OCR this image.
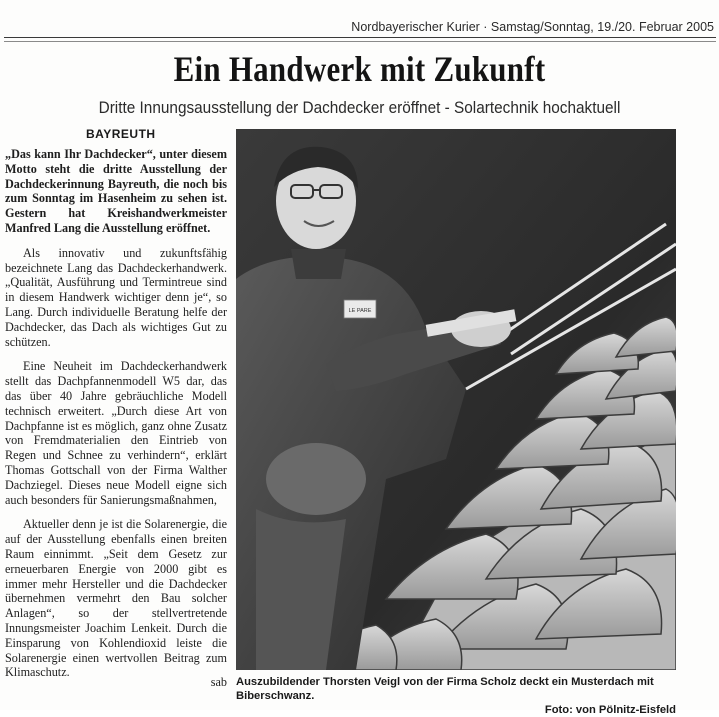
Nordbayerischer Kurier · Samstag/Sonntag, 19./20. Februar 2005
Ein Handwerk mit Zukunft
Dritte Innungsausstellung der Dachdecker eröffnet - Solartechnik hochaktuell
BAYREUTH

„Das kann Ihr Dachdecker“, unter diesem Motto steht die dritte Ausstellung der Dachdeckerinnung Bayreuth, die noch bis zum Sonntag im Hasenheim zu sehen ist. Gestern hat Kreishandwerkmeister Manfred Lang die Ausstellung eröffnet.

Als innovativ und zukunftsfähig bezeichnete Lang das Dachdeckerhandwerk. „Qualität, Ausführung und Termintreue sind in diesem Handwerk wichtiger denn je“, so Lang. Durch individuelle Beratung helfe der Dachdecker, das Dach als wichtiges Gut zu schützen.

Eine Neuheit im Dachdeckerhandwerk stellt das Dachpfannenmodell W5 dar, das das über 40 Jahre gebräuchliche Modell technisch erweitert. „Durch diese Art von Dachpfanne ist es möglich, ganz ohne Zusatz von Fremdmaterialien den Eintrieb von Regen und Schnee zu verhindern“, erklärt Thomas Gottschall von der Firma Walther Dachziegel. Dieses neue Modell eigne sich auch besonders für Sanierungsmaßnahmen,

Aktueller denn je ist die Solarenergie, die auf der Ausstellung ebenfalls einen breiten Raum einnimmt. „Seit dem Gesetz zur erneuerbaren Energie von 2000 gibt es immer mehr Hersteller und die Dachdecker übernehmen vermehrt den Bau solcher Anlagen“, so der stellvertretende Innungsmeister Joachim Lenkeit. Durch die Einsparung von Kohlendioxid leiste die Solarenergie einen wertvollen Beitrag zum Klimaschutz.

sab
LE PARE
Auszubildender Thorsten Veigl von der Firma Scholz deckt ein Musterdach mit Biberschwanz.
Foto: von Pölnitz-Eisfeld
